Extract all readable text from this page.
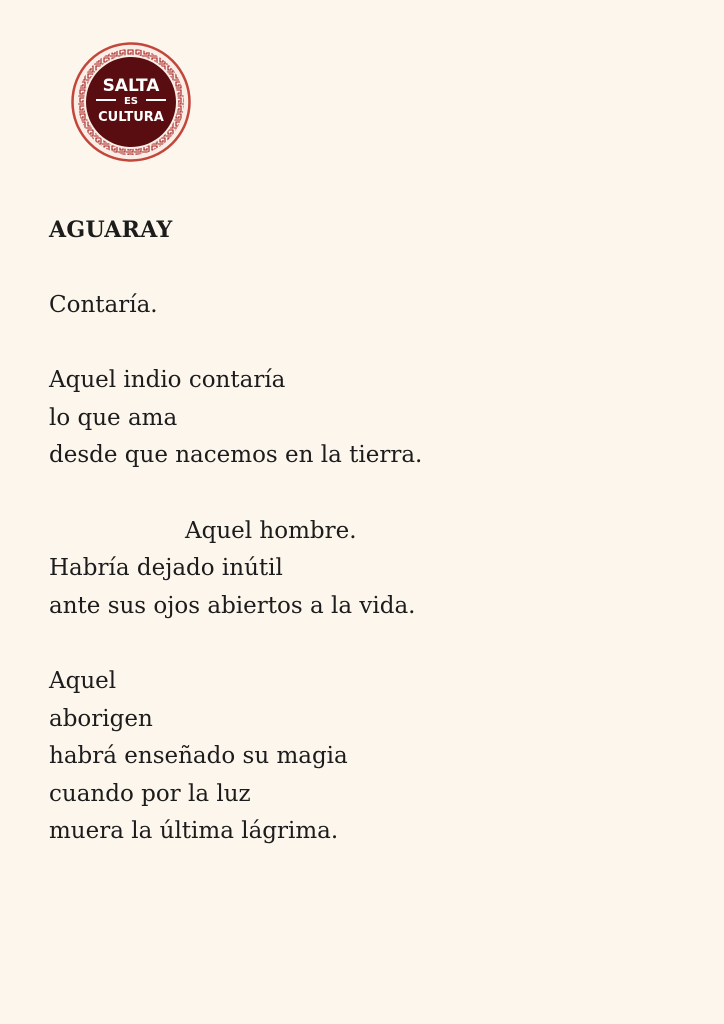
SALTA
ES
CULTURA
AGUARAY
Contaría.
Aquel indio contaría
lo que ama
desde que nacemos en la tierra.
Aquel hombre.
Habría dejado inútil
ante sus ojos abiertos a la vida.
Aquel
aborigen
habrá enseñado su magia
cuando por la luz
muera la última lágrima.
